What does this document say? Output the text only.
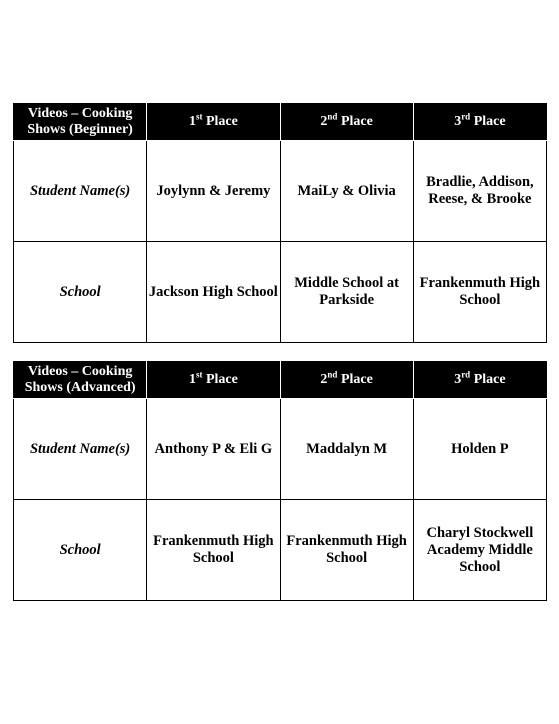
Videos – Cooking Shows (Beginner)	1st Place	2nd Place	3rd Place
Student Name(s)	Joylynn & Jeremy	MaiLy & Olivia	Bradlie, Addison, Reese, & Brooke
School	Jackson High School	Middle School at Parkside	Frankenmuth High School
Videos – Cooking Shows (Advanced)	1st Place	2nd Place	3rd Place
Student Name(s)	Anthony P & Eli G	Maddalyn M	Holden P
School	Frankenmuth High School	Frankenmuth High School	Charyl Stockwell Academy Middle School
